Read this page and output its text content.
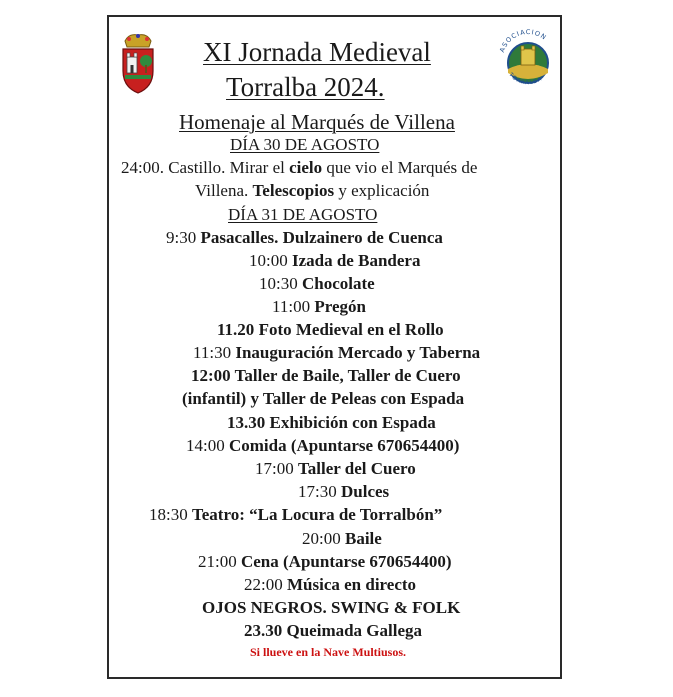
XI Jornada Medieval
Torralba 2024.
ASOCIACION
TORRALBA
Homenaje al Marqués de Villena
DÍA 30 DE AGOSTO
24:00. Castillo. Mirar el cielo que vio el Marqués de
Villena. Telescopios y explicación
DÍA 31 DE AGOSTO
9:30 Pasacalles. Dulzainero de Cuenca
10:00 Izada de Bandera
10:30 Chocolate
11:00 Pregón
11.20 Foto Medieval en el Rollo
11:30 Inauguración Mercado y Taberna
12:00 Taller de Baile, Taller de Cuero
(infantil) y Taller de Peleas con Espada
13.30 Exhibición con Espada
14:00 Comida (Apuntarse 670654400)
17:00 Taller del Cuero
17:30 Dulces
18:30 Teatro: “La Locura de Torralbón”
20:00 Baile
21:00 Cena (Apuntarse 670654400)
22:00 Música en directo
OJOS NEGROS. SWING & FOLK
23.30 Queimada Gallega
Si llueve en la Nave Multiusos.
